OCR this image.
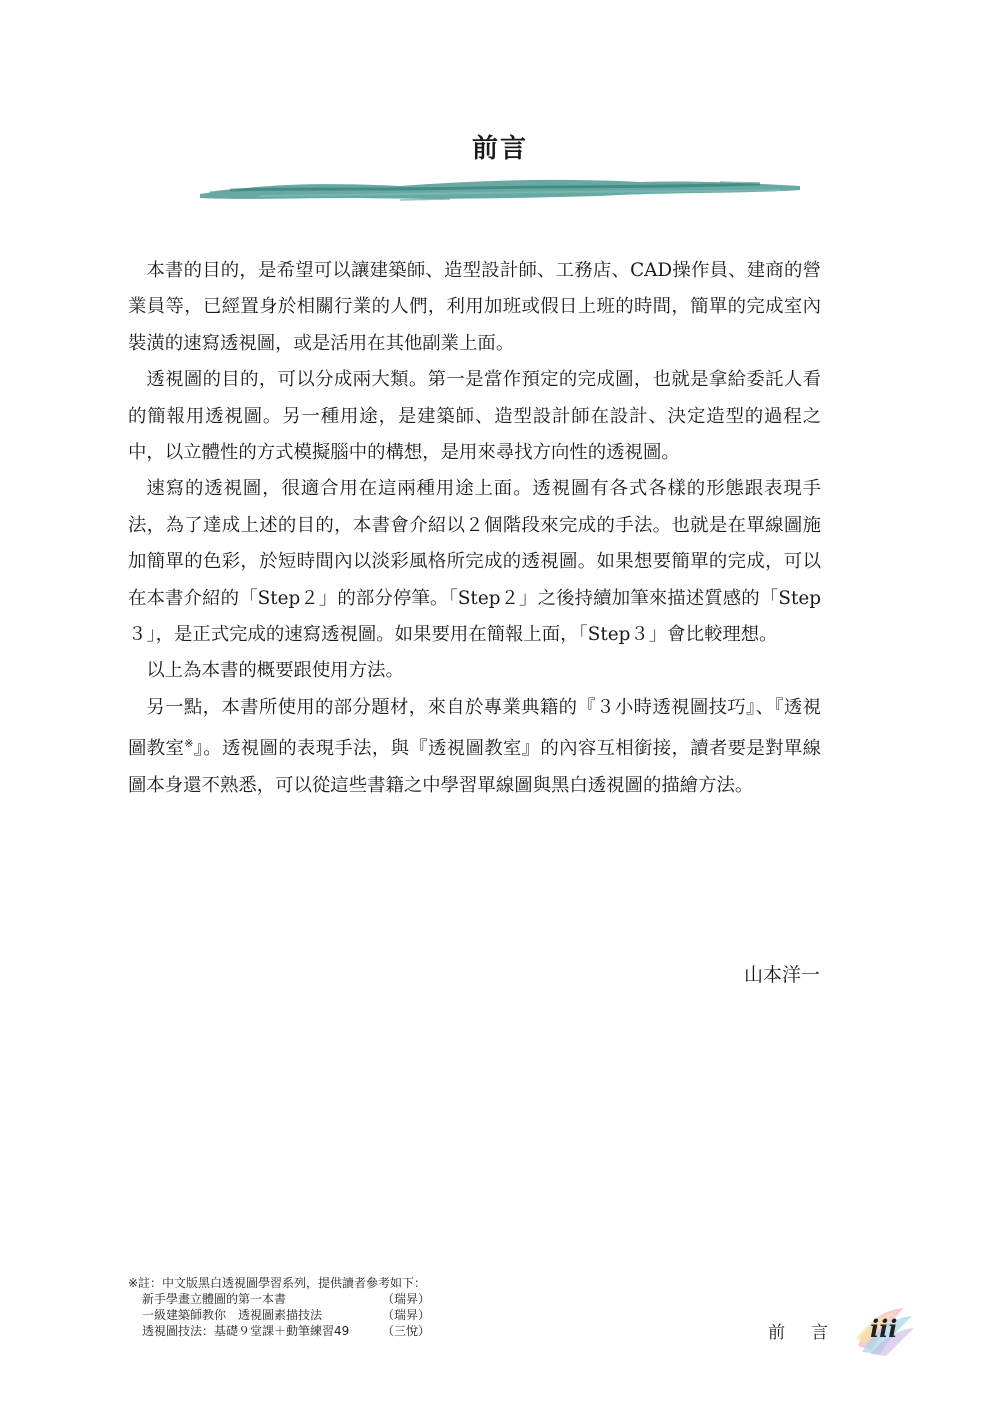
前言

本書的目的，是希望可以讓建築師、造型設計師、工務店、CAD操作員、建商的營業員等，已經置身於相關行業的人們，利用加班或假日上班的時間，簡單的完成室內裝潢的速寫透視圖，或是活用在其他副業上面。

透視圖的目的，可以分成兩大類。第一是當作預定的完成圖，也就是拿給委託人看的簡報用透視圖。另一種用途，是建築師、造型設計師在設計、決定造型的過程之中，以立體性的方式模擬腦中的構想，是用來尋找方向性的透視圖。

速寫的透視圖，很適合用在這兩種用途上面。透視圖有各式各樣的形態跟表現手法，為了達成上述的目的，本書會介紹以２個階段來完成的手法。也就是在單線圖施加簡單的色彩，於短時間內以淡彩風格所完成的透視圖。如果想要簡單的完成，可以在本書介紹的「Step２」的部分停筆。「Step２」之後持續加筆來描述質感的「Step３」，是正式完成的速寫透視圖。如果要用在簡報上面，「Step３」會比較理想。

以上為本書的概要跟使用方法。

另一點，本書所使用的部分題材，來自於專業典籍的『３小時透視圖技巧』、『透視圖教室※』。透視圖的表現手法，與『透視圖教室』的內容互相銜接，讀者要是對單線圖本身還不熟悉，可以從這些書籍之中學習單線圖與黑白透視圖的描繪方法。

山本洋一
※註：中文版黑白透視圖學習系列，提供讀者參考如下：
新手學畫立體圖的第一本書	（瑞昇）
一級建築師教你　透視圖素描技法	（瑞昇）
透視圖技法：基礎９堂課＋動筆練習49	（三悅）	前言 iii
